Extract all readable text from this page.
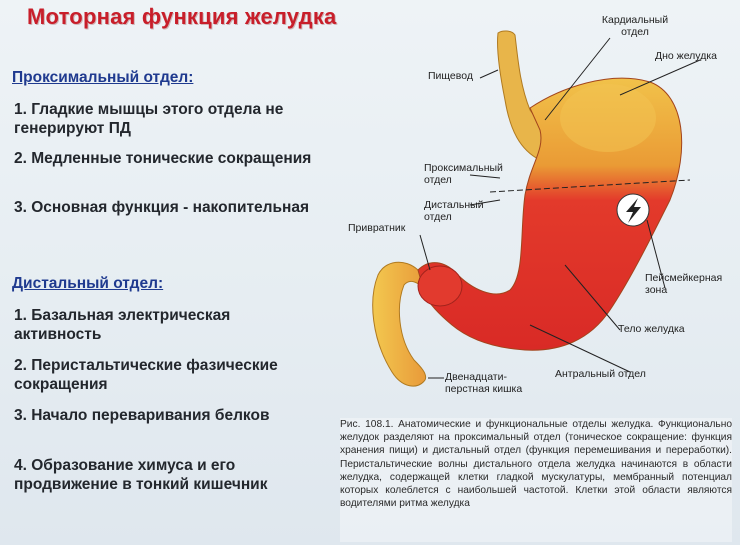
Моторная функция желудка
Проксимальный отдел:

1. Гладкие мышцы этого отдела не генерируют ПД

2. Медленные тонические сокращения

3. Основная функция - накопительная

Дистальный отдел:

1. Базальная электрическая активность

2. Перистальтические фазические сокращения

3. Начало переваривания белков

4. Образование химуса и его продвижение в тонкий кишечник

Кардиальный отдел
Дно желудка
Пищевод
Проксимальный отдел
Дистальный отдел
Привратник
Пейсмейкерная зона
Тело желудка
Антральный отдел
Двенадцати-перстная кишка

Рис. 108.1. Анатомические и функциональные отделы желудка. Функционально желудок разделяют на проксимальный отдел (тоническое сокращение: функция хранения пищи) и дистальный отдел (функция перемешивания и переработки). Перистальтические волны дистального отдела желудка начинаются в области желудка, содержащей клетки гладкой мускулатуры, мембранный потенциал которых колеблется с наибольшей частотой. Клетки этой области являются водителями ритма желудка
